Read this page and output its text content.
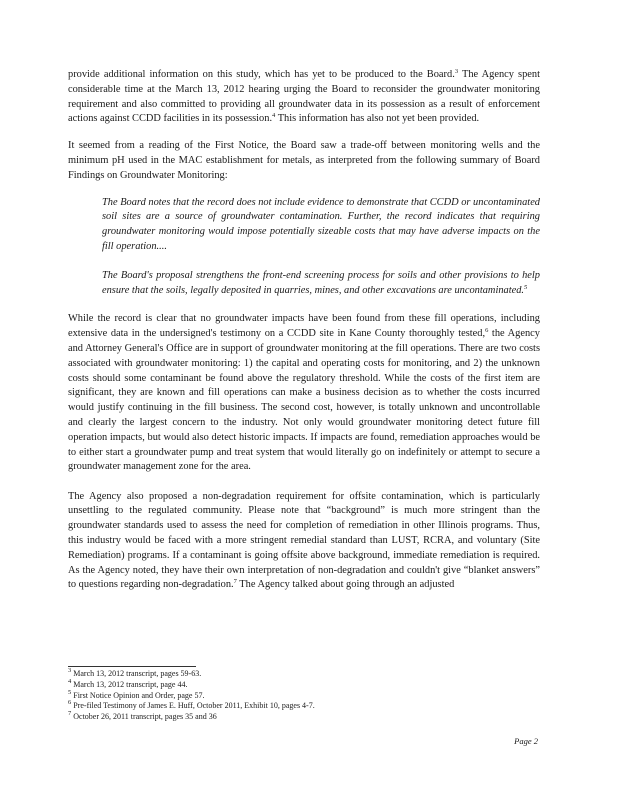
provide additional information on this study, which has yet to be produced to the Board.$^3$ The Agency spent considerable time at the March 13, 2012 hearing urging the Board to reconsider the groundwater monitoring requirement and also committed to providing all groundwater data in its possession as a result of enforcement actions against CCDD facilities in its possession.$^4$ This information has also not yet been provided.

It seemed from a reading of the First Notice, the Board saw a trade-off between monitoring wells and the minimum pH used in the MAC establishment for metals, as interpreted from the following summary of Board Findings on Groundwater Monitoring:

The Board notes that the record does not include evidence to demonstrate that CCDD or uncontaminated soil sites are a source of groundwater contamination. Further, the record indicates that requiring groundwater monitoring would impose potentially sizeable costs that may have adverse impacts on the fill operation....

The Board's proposal strengthens the front-end screening process for soils and other provisions to help ensure that the soils, legally deposited in quarries, mines, and other excavations are uncontaminated.$^5$

While the record is clear that no groundwater impacts have been found from these fill operations, including extensive data in the undersigned's testimony on a CCDD site in Kane County thoroughly tested,$^6$ the Agency and Attorney General's Office are in support of groundwater monitoring at the fill operations. There are two costs associated with groundwater monitoring: 1) the capital and operating costs for monitoring, and 2) the unknown costs should some contaminant be found above the regulatory threshold. While the costs of the first item are significant, they are known and fill operations can make a business decision as to whether the costs incurred would justify continuing in the fill business. The second cost, however, is totally unknown and uncontrollable and clearly the largest concern to the industry. Not only would groundwater monitoring detect future fill operation impacts, but would also detect historic impacts. If impacts are found, remediation approaches would be to either start a groundwater pump and treat system that would literally go on indefinitely or attempt to secure a groundwater management zone for the area.

The Agency also proposed a non-degradation requirement for offsite contamination, which is particularly unsettling to the regulated community. Please note that “background” is much more stringent than the groundwater standards used to assess the need for completion of remediation in other Illinois programs. Thus, this industry would be faced with a more stringent remedial standard than LUST, RCRA, and voluntary (Site Remediation) programs. If a contaminant is going offsite above background, immediate remediation is required. As the Agency noted, they have their own interpretation of non-degradation and couldn't give “blanket answers” to questions regarding non-degradation.$^7$ The Agency talked about going through an adjusted

$^3$ March 13, 2012 transcript, pages 59-63.
$^4$ March 13, 2012 transcript, page 44.
$^5$ First Notice Opinion and Order, page 57.
$^6$ Pre-filed Testimony of James E. Huff, October 2011, Exhibit 10, pages 4-7.
$^7$ October 26, 2011 transcript, pages 35 and 36
Page 2
